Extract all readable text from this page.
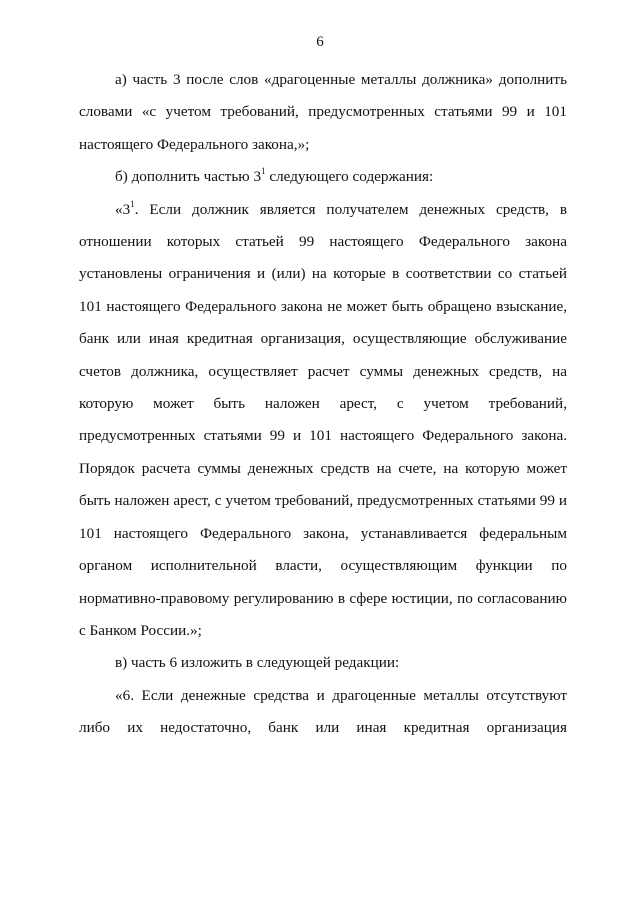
6

а) часть 3 после слов «драгоценные металлы должника» дополнить словами «с учетом требований, предусмотренных статьями 99 и 101 настоящего Федерального закона,»;

б) дополнить частью $3^1$ следующего содержания:

«$3^1$. Если должник является получателем денежных средств, в отношении которых статьей 99 настоящего Федерального закона установлены ограничения и (или) на которые в соответствии со статьей 101 настоящего Федерального закона не может быть обращено взыскание, банк или иная кредитная организация, осуществляющие обслуживание счетов должника, осуществляет расчет суммы денежных средств, на которую может быть наложен арест, с учетом требований, предусмотренных статьями 99 и 101 настоящего Федерального закона. Порядок расчета суммы денежных средств на счете, на которую может быть наложен арест, с учетом требований, предусмотренных статьями 99 и 101 настоящего Федерального закона, устанавливается федеральным органом исполнительной власти, осуществляющим функции по нормативно-правовому регулированию в сфере юстиции, по согласованию с Банком России.»;

в) часть 6 изложить в следующей редакции:

«6. Если денежные средства и драгоценные металлы отсутствуют либо их недостаточно, банк или иная кредитная организация
